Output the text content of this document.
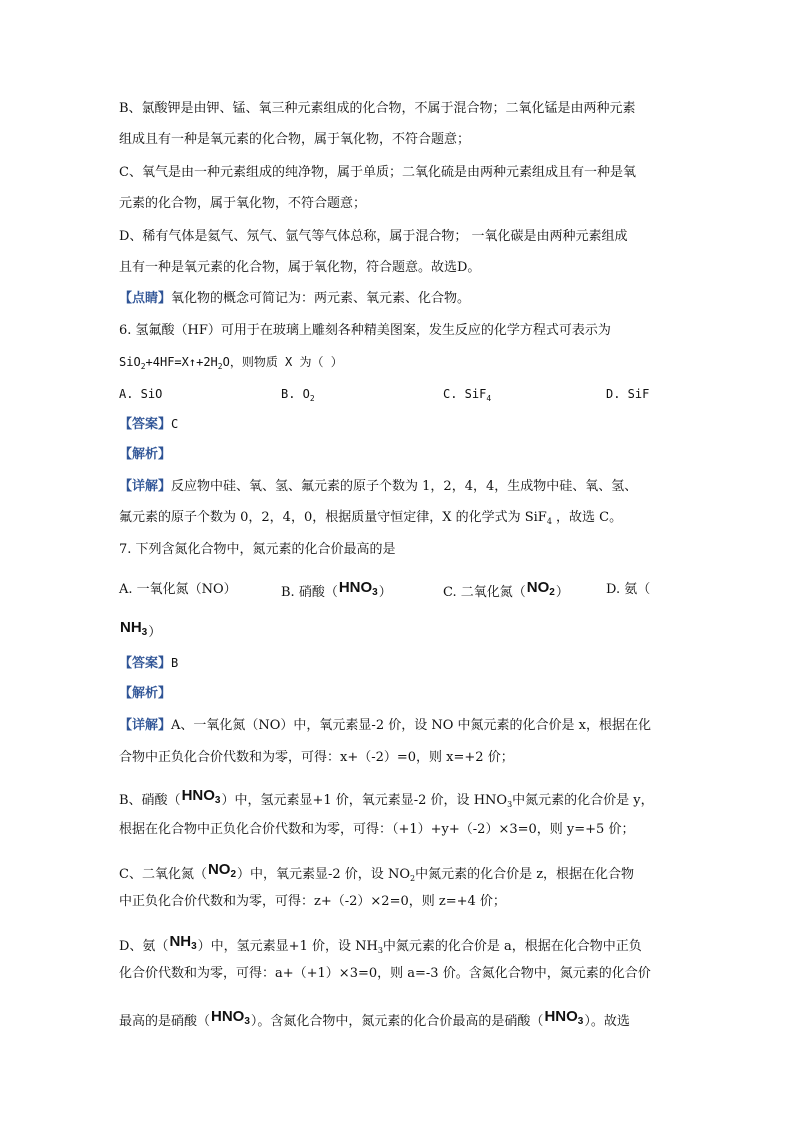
B、氯酸钾是由钾、锰、氧三种元素组成的化合物，不属于混合物；二氧化锰是由两种元素
组成且有一种是氧元素的化合物，属于氧化物，不符合题意；
C、氧气是由一种元素组成的纯净物，属于单质；二氧化硫是由两种元素组成且有一种是氧
元素的化合物，属于氧化物，不符合题意；
D、稀有气体是氦气、氖气、氩气等气体总称，属于混合物； 一氧化碳是由两种元素组成
且有一种是氧元素的化合物，属于氧化物，符合题意。故选D。
【点睛】氧化物的概念可简记为：两元素、氧元素、化合物。
6. 氢氟酸（HF）可用于在玻璃上雕刻各种精美图案，发生反应的化学方程式可表示为
$SiO_2+4HF=X↑+2H_2O$，则物质 X 为（ ）
A. SiO	B. $O_2$	C. SiF$_4$	D. SiF
【答案】C
【解析】
【详解】反应物中硅、氧、氢、氟元素的原子个数为 1，2，4，4，生成物中硅、氧、氢、
氟元素的原子个数为 0，2，4，0，根据质量守恒定律，X 的化学式为 SiF$_4$ ，故选 C。
7. 下列含氮化合物中，氮元素的化合价最高的是
A. 一氧化氮（NO）	B. 硝酸$(HNO_3)$	C. 二氧化氮$(NO_2)$	D. 氨（
$NH_3$）
【答案】B
【解析】
【详解】A、一氧化氮（NO）中，氧元素显-2 价，设 NO 中氮元素的化合价是 x，根据在化
合物中正负化合价代数和为零，可得：x+（-2）=0，则 x=+2 价；
B、硝酸$(HNO_3)$中，氢元素显+1 价，氧元素显-2 价，设 $HNO_3$中氮元素的化合价是 y，
根据在化合物中正负化合价代数和为零，可得：（+1）+y+（-2）×3=0，则 y=+5 价；
C、二氧化氮$(NO_2)$中，氧元素显-2 价，设 $NO_2$中氮元素的化合价是 z，根据在化合物
中正负化合价代数和为零，可得：z+（-2）×2=0，则 z=+4 价；
D、氨$(NH_3)$中，氢元素显+1 价，设 $NH_3$中氮元素的化合价是 a，根据在化合物中正负
化合价代数和为零，可得：a+（+1）×3=0，则 a=-3 价。含氮化合物中，氮元素的化合价
最高的是硝酸$(HNO_3)$。含氮化合物中，氮元素的化合价最高的是硝酸$(HNO_3)$。故选
